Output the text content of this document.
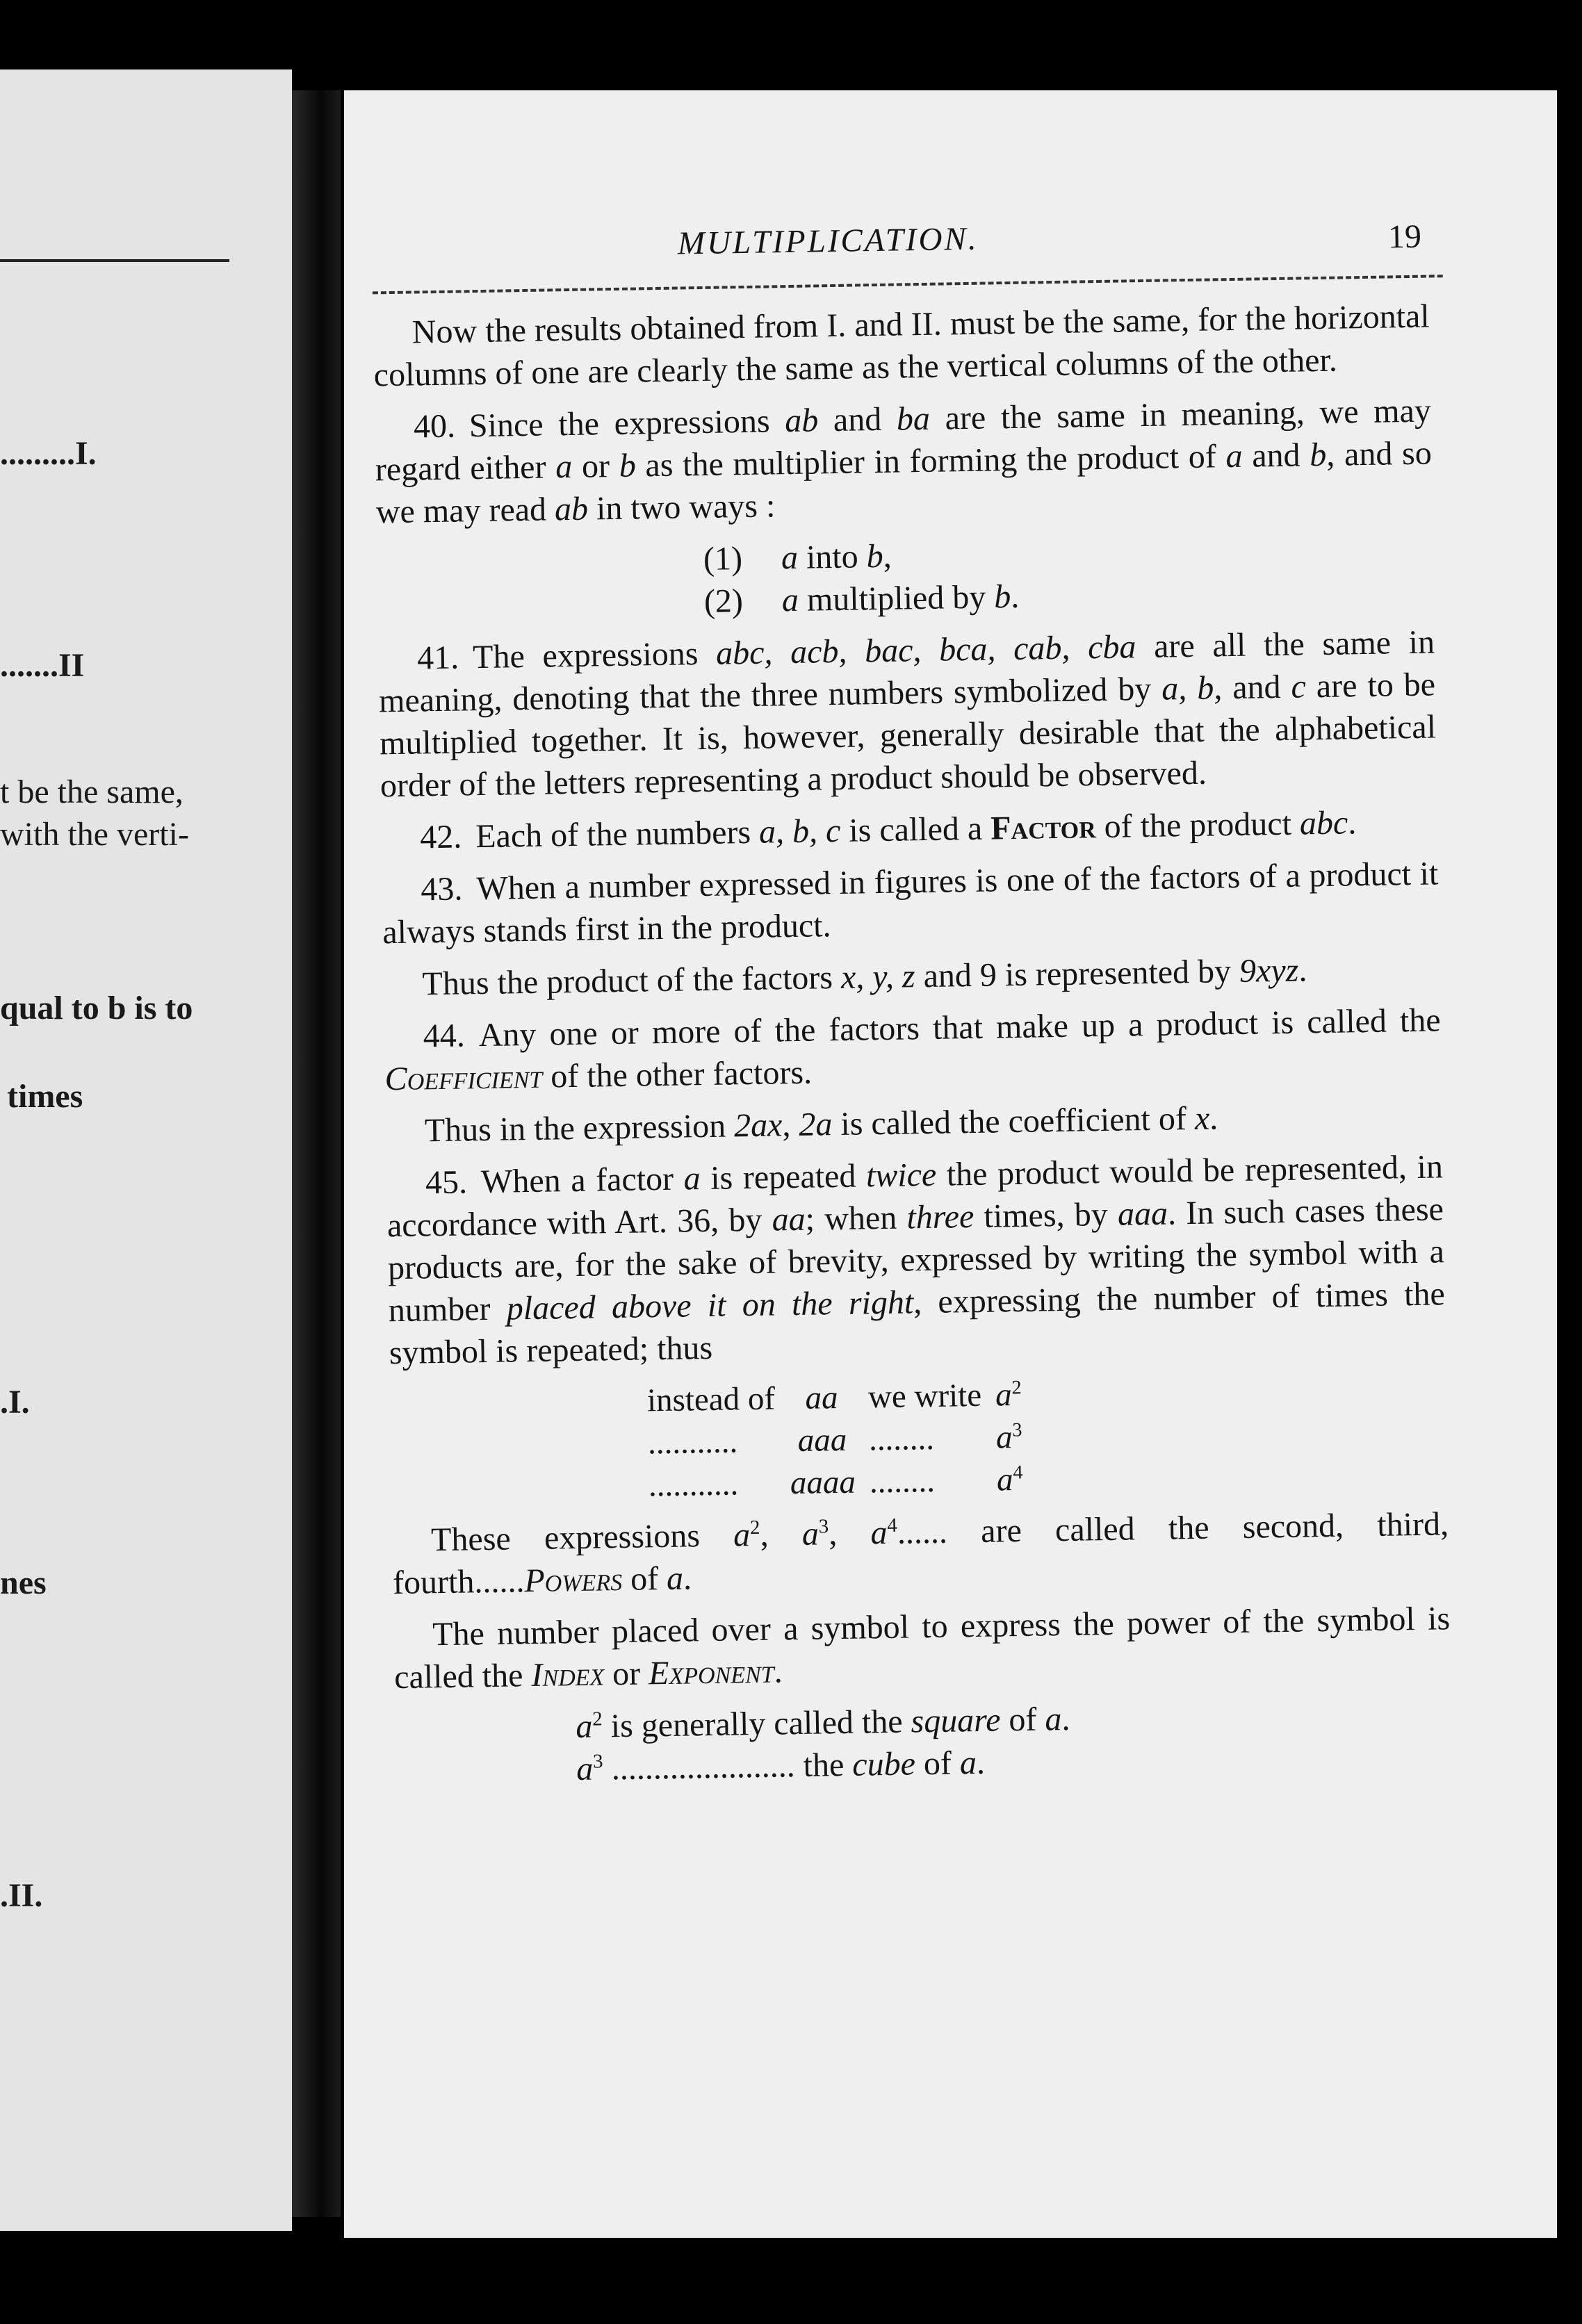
.........I.
.......II
t be the same,
with the verti-
qual to b is to
times
.I.
nes
.II.
MULTIPLICATION.	19

Now the results obtained from I. and II. must be the same, for the horizontal columns of one are clearly the same as the vertical columns of the other.

40. Since the expressions ab and ba are the same in meaning, we may regard either a or b as the multiplier in forming the product of a and b, and so we may read ab in two ways :

(1) a into b,
(2) a multiplied by b.

41. The expressions abc, acb, bac, bca, cab, cba are all the same in meaning, denoting that the three numbers symbolized by a, b, and c are to be multiplied together. It is, however, generally desirable that the alphabetical order of the letters representing a product should be observed.

42. Each of the numbers a, b, c is called a Factor of the product abc.

43. When a number expressed in figures is one of the factors of a product it always stands first in the product.

Thus the product of the factors x, y, z and 9 is represented by 9xyz.

44. Any one or more of the factors that make up a product is called the Coefficient of the other factors.

Thus in the expression 2ax, 2a is called the coefficient of x.

45. When a factor a is repeated twice the product would be represented, in accordance with Art. 36, by aa; when three times, by aaa. In such cases these products are, for the sake of brevity, expressed by writing the symbol with a number placed above it on the right, expressing the number of times the symbol is repeated; thus

instead of	aa	we write	$a^2$
...........	aaa	........	$a^3$
...........	aaaa	........	$a^4$

These expressions $a^2$, $a^3$, $a^4$...... are called the second, third, fourth......Powers of a.

The number placed over a symbol to express the power of the symbol is called the Index or Exponent.

$a^2$ is generally called the square of a.
$a^3$ ...................... the cube of a.
